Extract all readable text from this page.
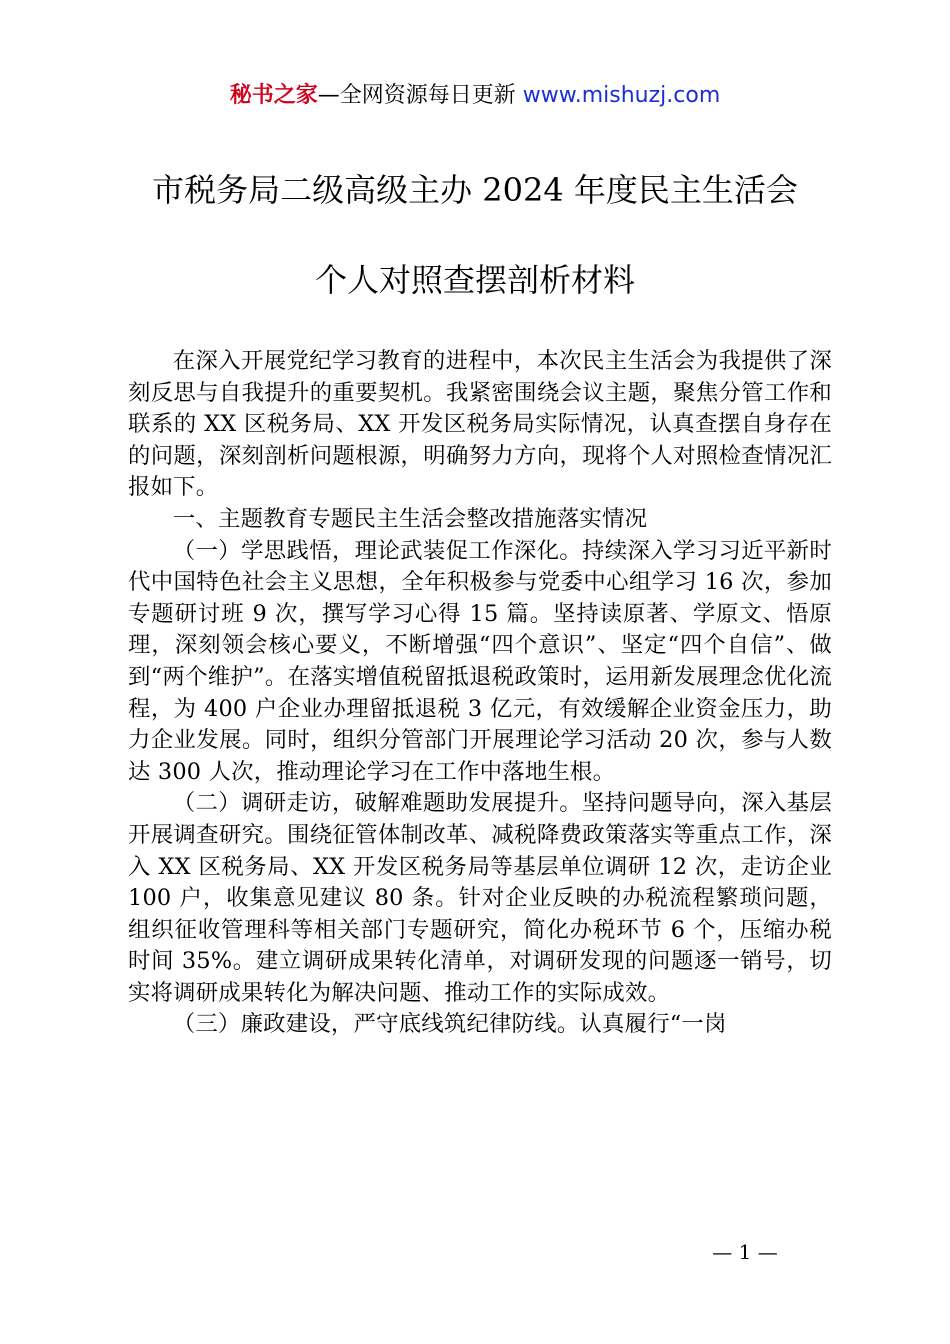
秘书之家—全网资源每日更新 www.mishuzj.com
市税务局二级高级主办 2024 年度民主生活会
个人对照查摆剖析材料

在深入开展党纪学习教育的进程中，本次民主生活会为我提供了深刻反思与自我提升的重要契机。我紧密围绕会议主题，聚焦分管工作和联系的 XX 区税务局、XX 开发区税务局实际情况，认真查摆自身存在的问题，深刻剖析问题根源，明确努力方向，现将个人对照检查情况汇报如下。

一、主题教育专题民主生活会整改措施落实情况

（一）学思践悟，理论武装促工作深化。持续深入学习习近平新时代中国特色社会主义思想，全年积极参与党委中心组学习 16 次，参加专题研讨班 9 次，撰写学习心得 15 篇。坚持读原著、学原文、悟原理，深刻领会核心要义，不断增强“四个意识”、坚定“四个自信”、做到“两个维护”。在落实增值税留抵退税政策时，运用新发展理念优化流程，为 400 户企业办理留抵退税 3 亿元，有效缓解企业资金压力，助力企业发展。同时，组织分管部门开展理论学习活动 20 次，参与人数达 300 人次，推动理论学习在工作中落地生根。

（二）调研走访，破解难题助发展提升。坚持问题导向，深入基层开展调查研究。围绕征管体制改革、减税降费政策落实等重点工作，深入 XX 区税务局、XX 开发区税务局等基层单位调研 12 次，走访企业 100 户，收集意见建议 80 条。针对企业反映的办税流程繁琐问题，组织征收管理科等相关部门专题研究，简化办税环节 6 个，压缩办税时间 35%。建立调研成果转化清单，对调研发现的问题逐一销号，切实将调研成果转化为解决问题、推动工作的实际成效。

（三）廉政建设，严守底线筑纪律防线。认真履行“一岗

— 1 —
